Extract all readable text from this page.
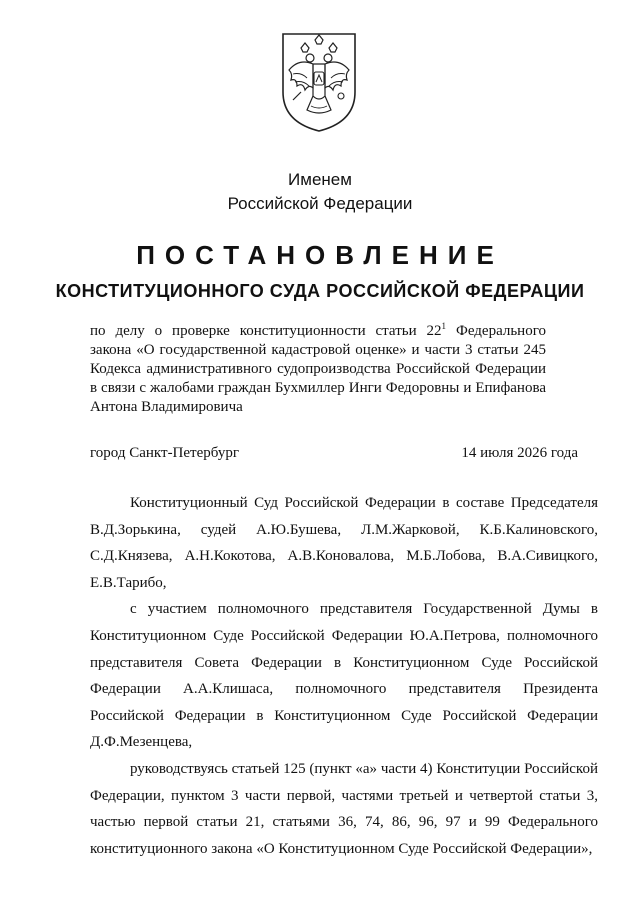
Именем
Российской Федерации
ПОСТАНОВЛЕНИЕ
КОНСТИТУЦИОННОГО СУДА РОССИЙСКОЙ ФЕДЕРАЦИИ
по делу о проверке конституционности статьи $22^1$ Федерального закона «О государственной кадастровой оценке» и части 3 статьи 245 Кодекса административного судопроизводства Российской Федерации в связи с жалобами граждан Бухмиллер Инги Федоровны и Епифанова Антона Владимировича
город Санкт-Петербург	14 июля 2026 года

Конституционный Суд Российской Федерации в составе Председателя В.Д.Зорькина, судей А.Ю.Бушева, Л.М.Жарковой, К.Б.Калиновского, С.Д.Князева, А.Н.Кокотова, А.В.Коновалова, М.Б.Лобова, В.А.Сивицкого, Е.В.Тарибо,

с участием полномочного представителя Государственной Думы в Конституционном Суде Российской Федерации Ю.А.Петрова, полномочного представителя Совета Федерации в Конституционном Суде Российской Федерации А.А.Клишаса, полномочного представителя Президента Российской Федерации в Конституционном Суде Российской Федерации Д.Ф.Мезенцева,

руководствуясь статьей 125 (пункт «а» части 4) Конституции Российской Федерации, пунктом 3 части первой, частями третьей и четвертой статьи 3, частью первой статьи 21, статьями 36, 74, 86, 96, 97 и 99 Федерального конституционного закона «О Конституционном Суде Российской Федерации»,
